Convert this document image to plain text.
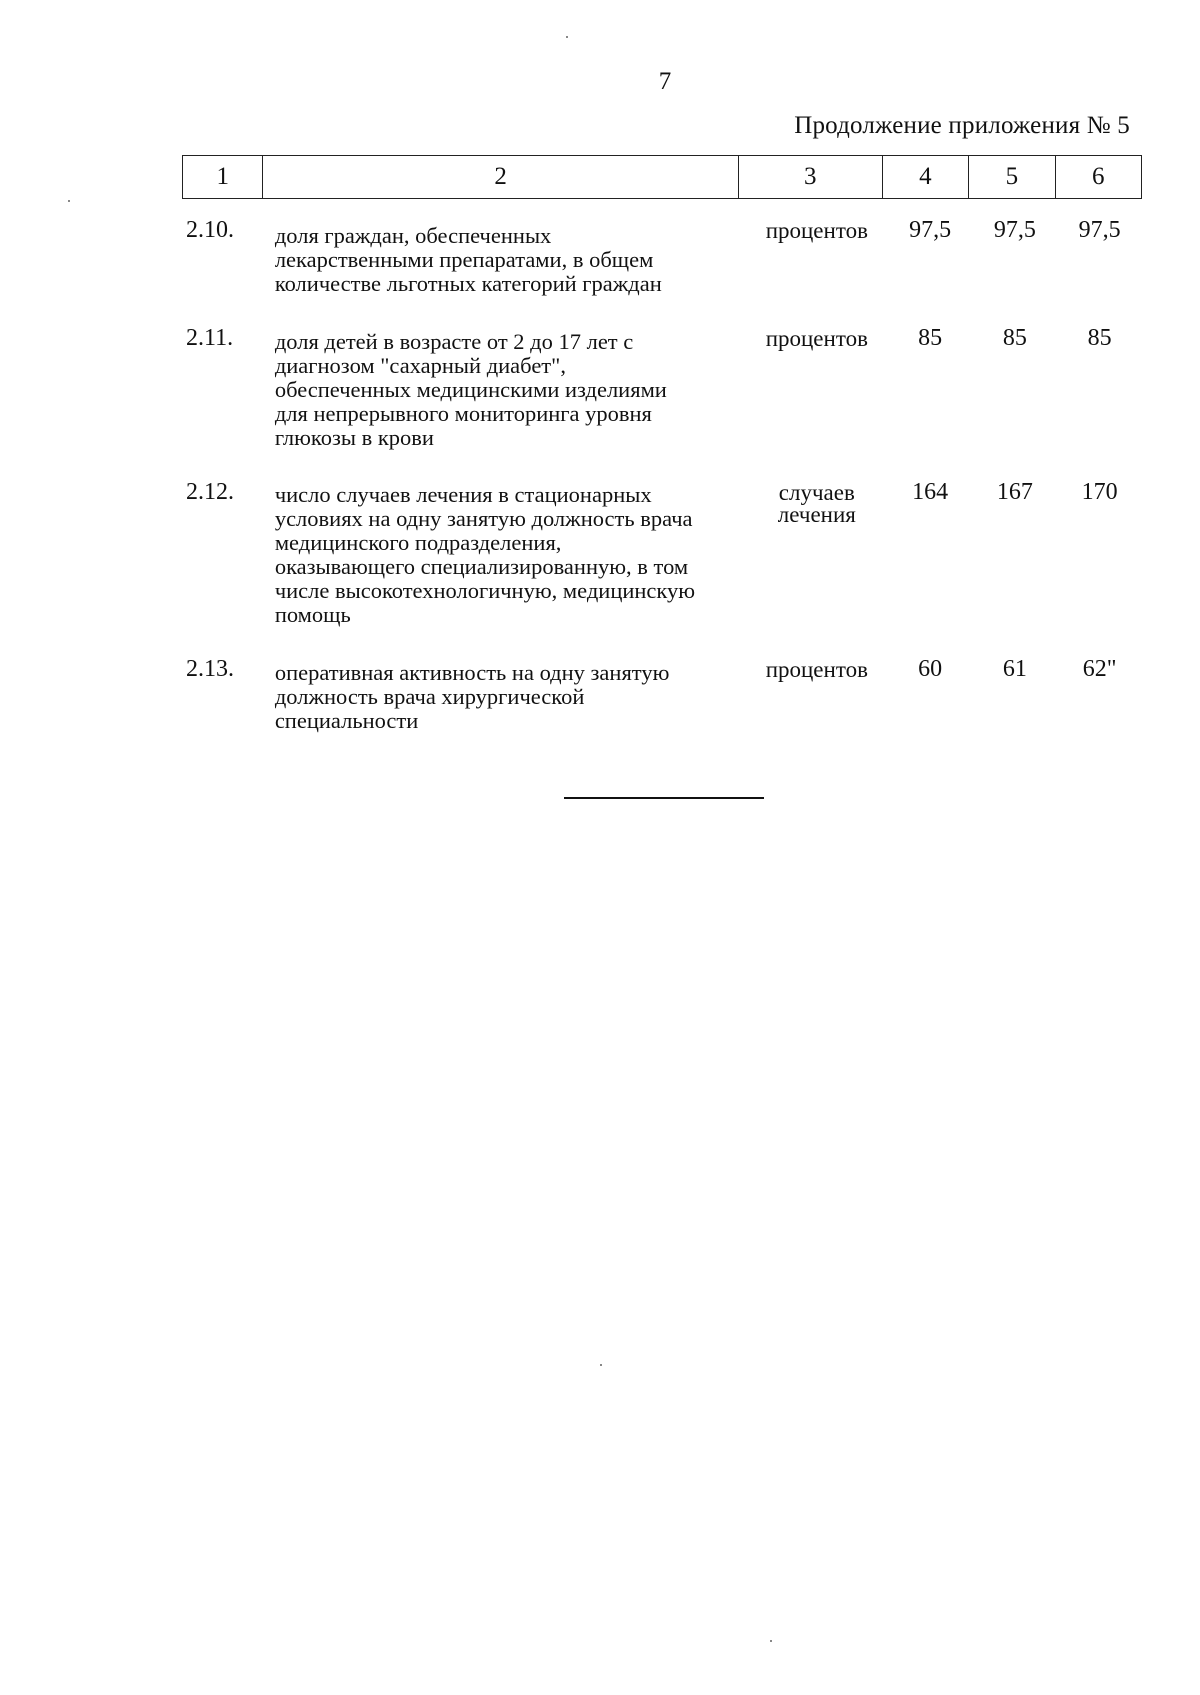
7
Продолжение приложения № 5
1	2	3	4	5	6
2.10.	доля граждан, обеспеченных
лекарственными препаратами, в общем
количестве льготных категорий граждан
процентов	97,5	97,5	97,5
2.11.	доля детей в возрасте от 2 до 17 лет с
диагнозом "сахарный диабет",
обеспеченных медицинскими изделиями
для непрерывного мониторинга уровня
глюкозы в крови
процентов	85	85	85
2.12.	число случаев лечения в стационарных
условиях на одну занятую должность врача
медицинского подразделения,
оказывающего специализированную, в том
числе высокотехнологичную, медицинскую
помощь
случаев
лечения
164	167	170
2.13.	оперативная активность на одну занятую
должность врача хирургической
специальности
процентов	60	61	62"
